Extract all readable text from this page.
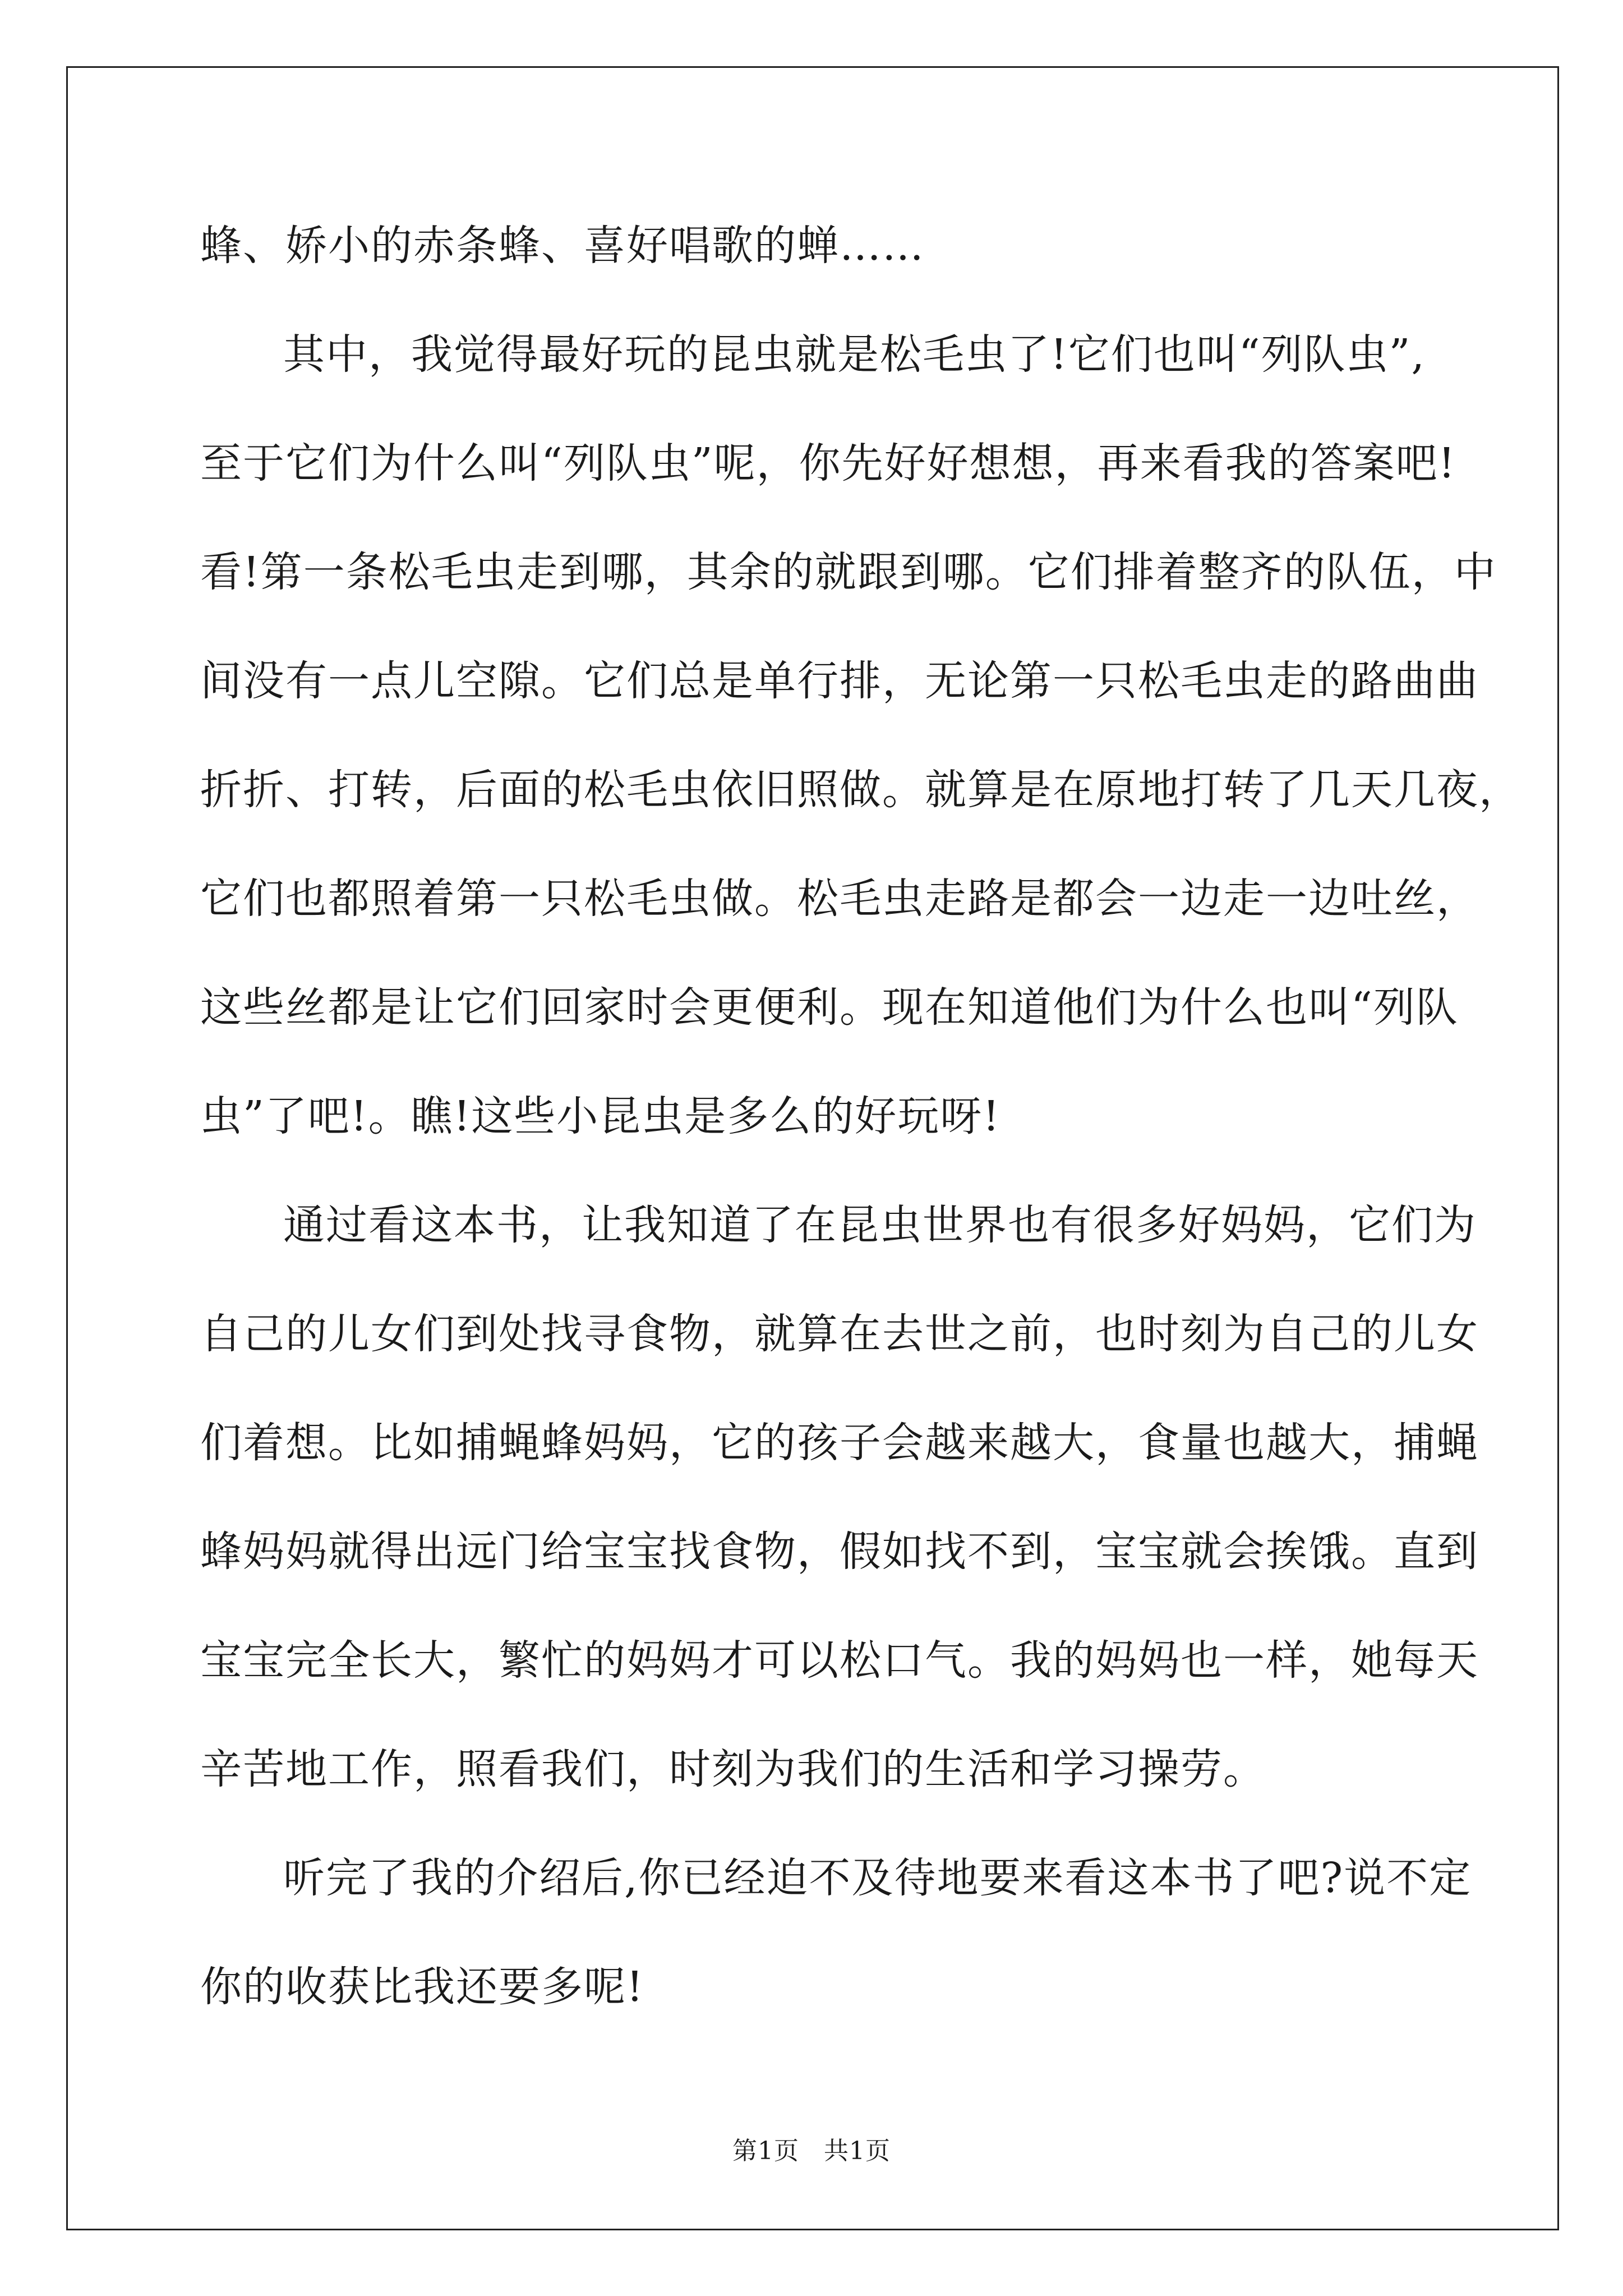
蜂、娇小的赤条蜂、喜好唱歌的蝉……
其中，我觉得最好玩的昆虫就是松毛虫了!它们也叫“列队虫”,
至于它们为什么叫“列队虫”呢，你先好好想想，再来看我的答案吧!
看!第一条松毛虫走到哪，其余的就跟到哪。它们排着整齐的队伍，中
间没有一点儿空隙。它们总是单行排，无论第一只松毛虫走的路曲曲
折折、打转，后面的松毛虫依旧照做。就算是在原地打转了几天几夜，
它们也都照着第一只松毛虫做。松毛虫走路是都会一边走一边吐丝，
这些丝都是让它们回家时会更便利。现在知道他们为什么也叫“列队
虫”了吧!。瞧!这些小昆虫是多么的好玩呀!
通过看这本书，让我知道了在昆虫世界也有很多好妈妈，它们为
自己的儿女们到处找寻食物，就算在去世之前，也时刻为自己的儿女
们着想。比如捕蝇蜂妈妈，它的孩子会越来越大，食量也越大，捕蝇
蜂妈妈就得出远门给宝宝找食物，假如找不到，宝宝就会挨饿。直到
宝宝完全长大，繁忙的妈妈才可以松口气。我的妈妈也一样，她每天
辛苦地工作，照看我们，时刻为我们的生活和学习操劳。
听完了我的介绍后,你已经迫不及待地要来看这本书了吧?说不定
你的收获比我还要多呢!
第1页 共1页
